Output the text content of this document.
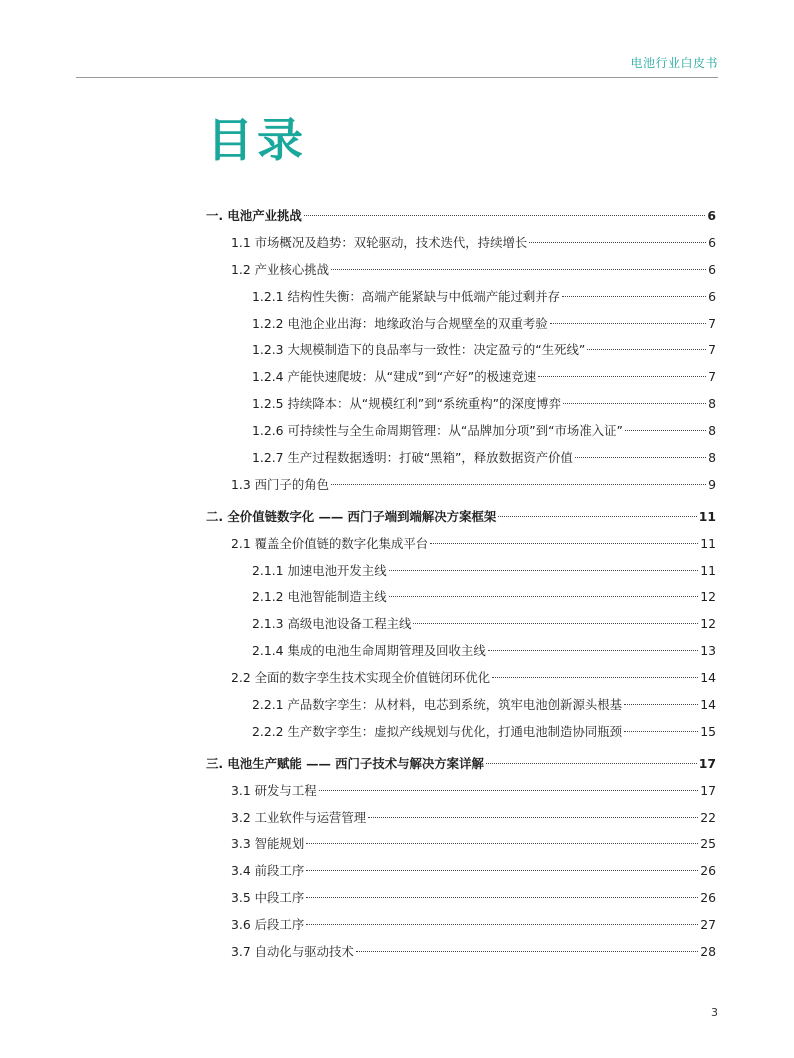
电池行业白皮书
目录
一. 电池产业挑战	6
1.1 市场概况及趋势：双轮驱动，技术迭代，持续增长	6
1.2 产业核心挑战	6
1.2.1 结构性失衡：高端产能紧缺与中低端产能过剩并存	6
1.2.2 电池企业出海：地缘政治与合规壁垒的双重考验	7
1.2.3 大规模制造下的良品率与一致性：决定盈亏的“生死线”	7
1.2.4 产能快速爬坡：从“建成”到“产好”的极速竞速	7
1.2.5 持续降本：从“规模红利”到“系统重构”的深度博弈	8
1.2.6 可持续性与全生命周期管理：从“品牌加分项”到“市场准入证”	8
1.2.7 生产过程数据透明：打破“黑箱”，释放数据资产价值	8
1.3 西门子的角色	9
二. 全价值链数字化 —— 西门子端到端解决方案框架	11
2.1 覆盖全价值链的数字化集成平台	11
2.1.1 加速电池开发主线	11
2.1.2 电池智能制造主线	12
2.1.3 高级电池设备工程主线	12
2.1.4 集成的电池生命周期管理及回收主线	13
2.2 全面的数字孪生技术实现全价值链闭环优化	14
2.2.1 产品数字孪生：从材料，电芯到系统，筑牢电池创新源头根基	14
2.2.2 生产数字孪生：虚拟产线规划与优化，打通电池制造协同瓶颈	15
三. 电池生产赋能 —— 西门子技术与解决方案详解	17
3.1 研发与工程	17
3.2 工业软件与运营管理	22
3.3 智能规划	25
3.4 前段工序	26
3.5 中段工序	26
3.6 后段工序	27
3.7 自动化与驱动技术	28
3
